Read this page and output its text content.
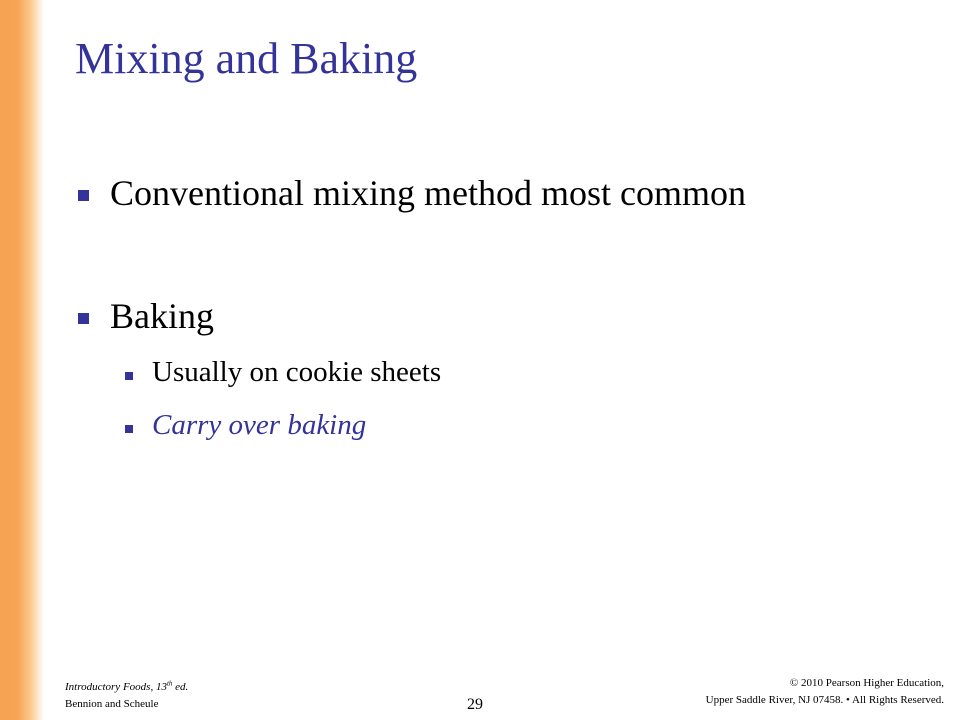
Mixing and Baking
Conventional mixing method most common
Baking
Usually on cookie sheets
Carry over baking
Introductory Foods, 13th ed.
Bennion and Scheule	29
© 2010 Pearson Higher Education,
Upper Saddle River, NJ 07458. • All Rights Reserved.
